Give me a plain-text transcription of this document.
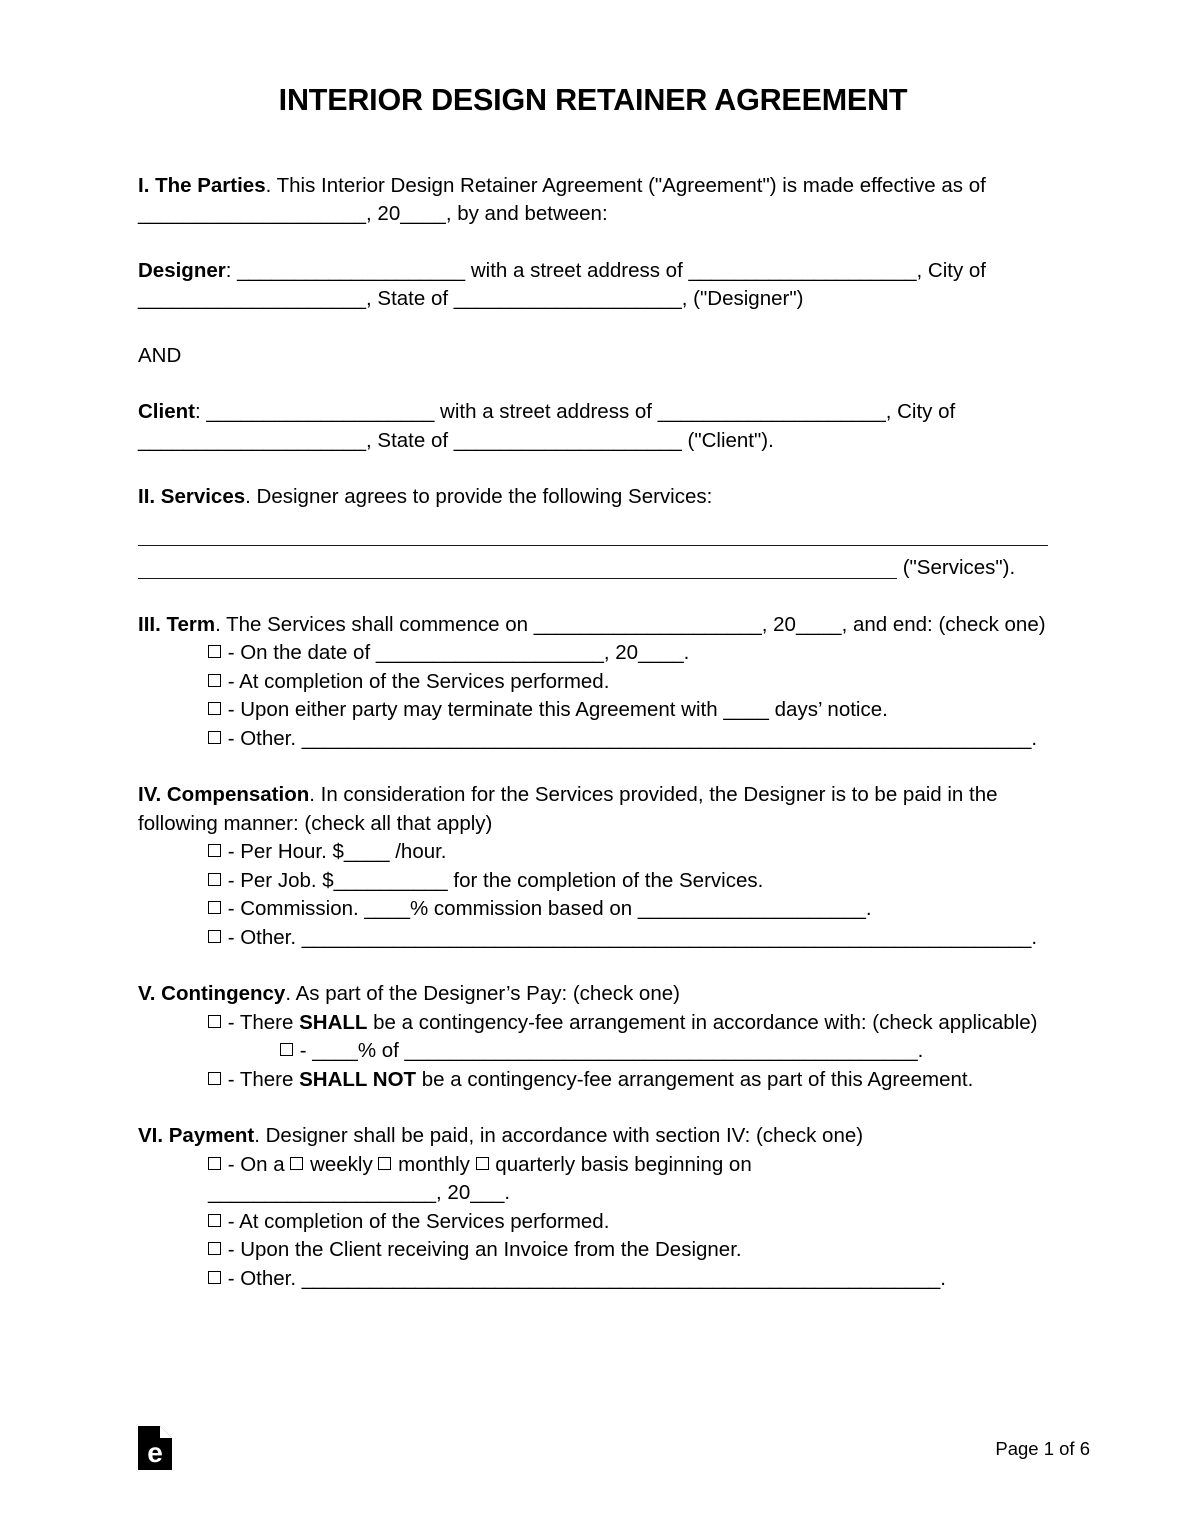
INTERIOR DESIGN RETAINER AGREEMENT
I. The Parties. This Interior Design Retainer Agreement ("Agreement") is made effective as of ____________________, 20____, by and between:
Designer: ____________________ with a street address of ____________________, City of ____________________, State of ____________________, ("Designer")
AND
Client: ____________________ with a street address of ____________________, City of ____________________, State of ____________________ ("Client").
II. Services. Designer agrees to provide the following Services:
("Services").
III. Term. The Services shall commence on ____________________, 20____, and end: (check one)
- On the date of ____________________, 20____.
- At completion of the Services performed.
- Upon either party may terminate this Agreement with ____ days’ notice.
- Other. ________________________________________________________________.
IV. Compensation. In consideration for the Services provided, the Designer is to be paid in the following manner: (check all that apply)
- Per Hour. $____ /hour.
- Per Job. $__________ for the completion of the Services.
- Commission. ____% commission based on ____________________.
- Other. ________________________________________________________________.
V. Contingency. As part of the Designer’s Pay: (check one)
- There SHALL be a contingency-fee arrangement in accordance with: (check applicable)
- ____% of _____________________________________________.
- There SHALL NOT be a contingency-fee arrangement as part of this Agreement.
VI. Payment. Designer shall be paid, in accordance with section IV: (check one)
- On a  weekly  monthly  quarterly basis beginning on
____________________, 20___.
- At completion of the Services performed.
- Upon the Client receiving an Invoice from the Designer.
- Other. ________________________________________________________.
e	Page 1 of 6
